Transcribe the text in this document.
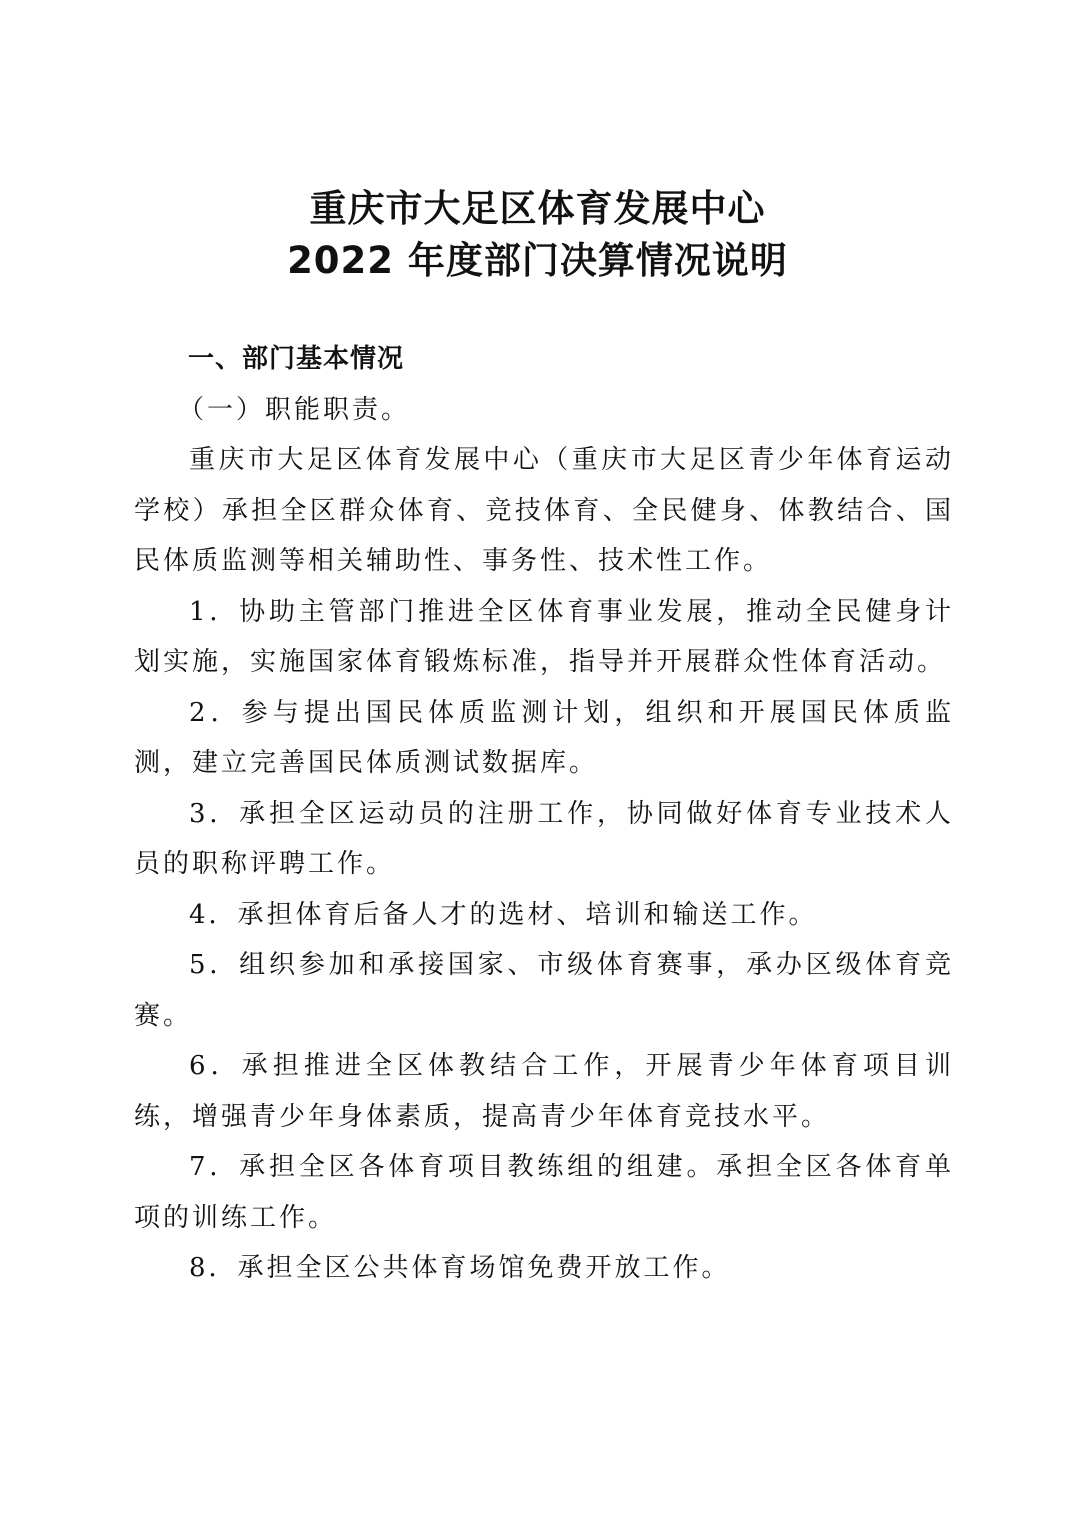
重庆市大足区体育发展中心
2022 年度部门决算情况说明

一、部门基本情况

（一）职能职责。

重庆市大足区体育发展中心（重庆市大足区青少年体育运动学校）承担全区群众体育、竞技体育、全民健身、体教结合、国民体质监测等相关辅助性、事务性、技术性工作。

1．协助主管部门推进全区体育事业发展，推动全民健身计划实施，实施国家体育锻炼标准，指导并开展群众性体育活动。

2．参与提出国民体质监测计划，组织和开展国民体质监测，建立完善国民体质测试数据库。

3．承担全区运动员的注册工作，协同做好体育专业技术人员的职称评聘工作。

4．承担体育后备人才的选材、培训和输送工作。

5．组织参加和承接国家、市级体育赛事，承办区级体育竞赛。

6．承担推进全区体教结合工作，开展青少年体育项目训练，增强青少年身体素质，提高青少年体育竞技水平。

7．承担全区各体育项目教练组的组建。承担全区各体育单项的训练工作。

8．承担全区公共体育场馆免费开放工作。
